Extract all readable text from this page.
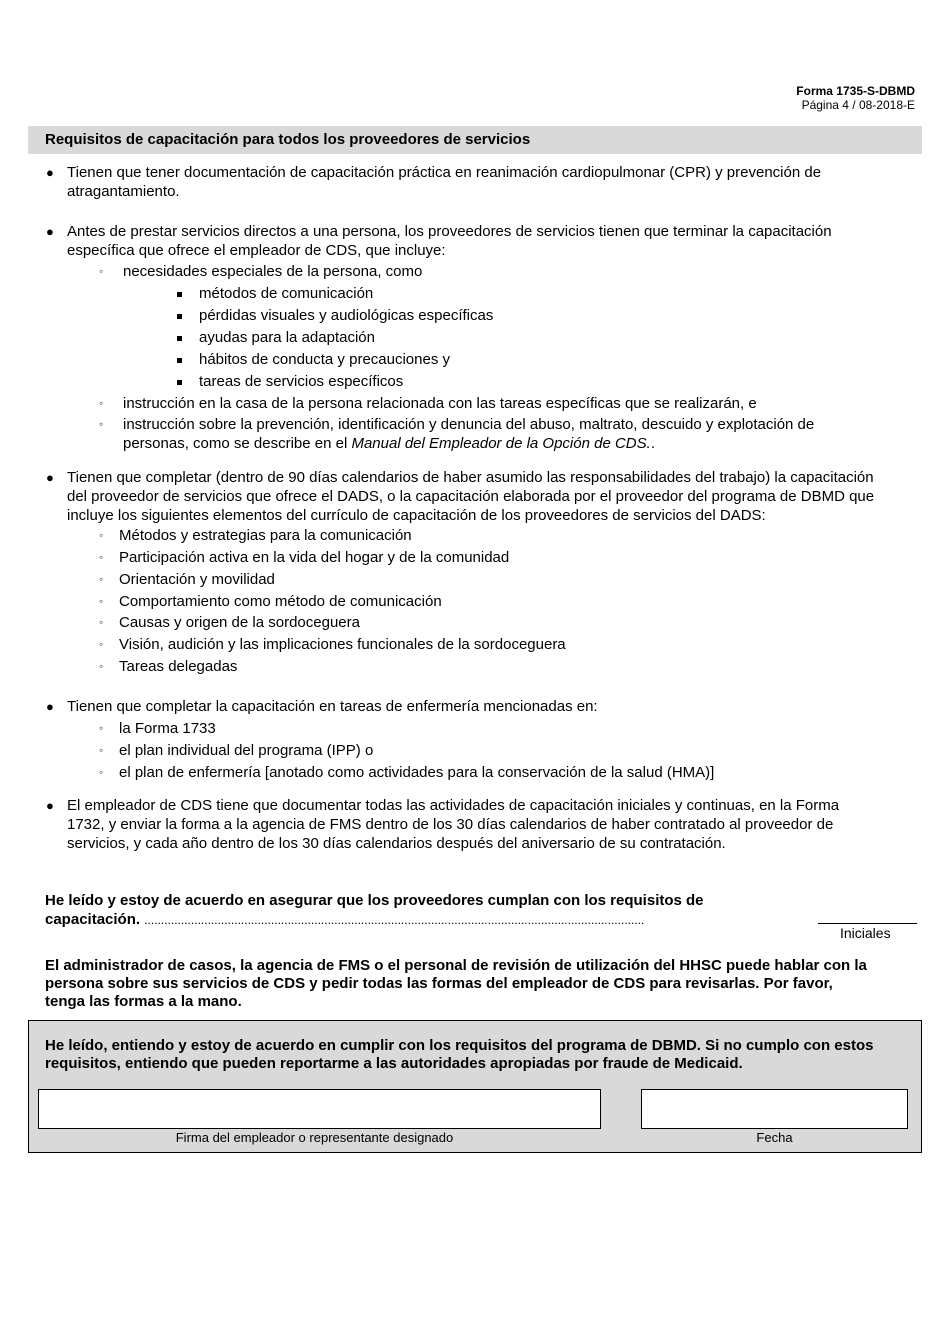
Forma 1735-S-DBMD
Página 4 / 08-2018-E
Requisitos de capacitación para todos los proveedores de servicios
● Tienen que tener documentación de capacitación práctica en reanimación cardiopulmonar (CPR) y prevención de
atragantamiento.
● Antes de prestar servicios directos a una persona, los proveedores de servicios tienen que terminar la capacitación
específica que ofrece el empleador de CDS, que incluye:
◦ necesidades especiales de la persona, como
métodos de comunicación
pérdidas visuales y audiológicas específicas
ayudas para la adaptación
hábitos de conducta y precauciones y
tareas de servicios específicos
◦ instrucción en la casa de la persona relacionada con las tareas específicas que se realizarán, e
◦ instrucción sobre la prevención, identificación y denuncia del abuso, maltrato, descuido y explotación de
personas, como se describe en el Manual del Empleador de la Opción de CDS..
● Tienen que completar (dentro de 90 días calendarios de haber asumido las responsabilidades del trabajo) la capacitación
del proveedor de servicios que ofrece el DADS, o la capacitación elaborada por el proveedor del programa de DBMD que
incluye los siguientes elementos del currículo de capacitación de los proveedores de servicios del DADS:
◦ Métodos y estrategias para la comunicación
◦ Participación activa en la vida del hogar y de la comunidad
◦ Orientación y movilidad
◦ Comportamiento como método de comunicación
◦ Causas y origen de la sordoceguera
◦ Visión, audición y las implicaciones funcionales de la sordoceguera
◦ Tareas delegadas
● Tienen que completar la capacitación en tareas de enfermería mencionadas en:
◦ la Forma 1733
◦ el plan individual del programa (IPP) o
◦ el plan de enfermería [anotado como actividades para la conservación de la salud (HMA)]
● El empleador de CDS tiene que documentar todas las actividades de capacitación iniciales y continuas, en la Forma
1732, y enviar la forma a la agencia de FMS dentro de los 30 días calendarios de haber contratado al proveedor de
servicios, y cada año dentro de los 30 días calendarios después del aniversario de su contratación.
He leído y estoy de acuerdo en asegurar que los proveedores cumplan con los requisitos de
capacitación. ......................................................................................................................................................
Iniciales
El administrador de casos, la agencia de FMS o el personal de revisión de utilización del HHSC puede hablar con la
persona sobre sus servicios de CDS y pedir todas las formas del empleador de CDS para revisarlas. Por favor,
tenga las formas a la mano.
He leído, entiendo y estoy de acuerdo en cumplir con los requisitos del programa de DBMD. Si no cumplo con estos
requisitos, entiendo que pueden reportarme a las autoridades apropiadas por fraude de Medicaid.
Firma del empleador o representante designado	Fecha
